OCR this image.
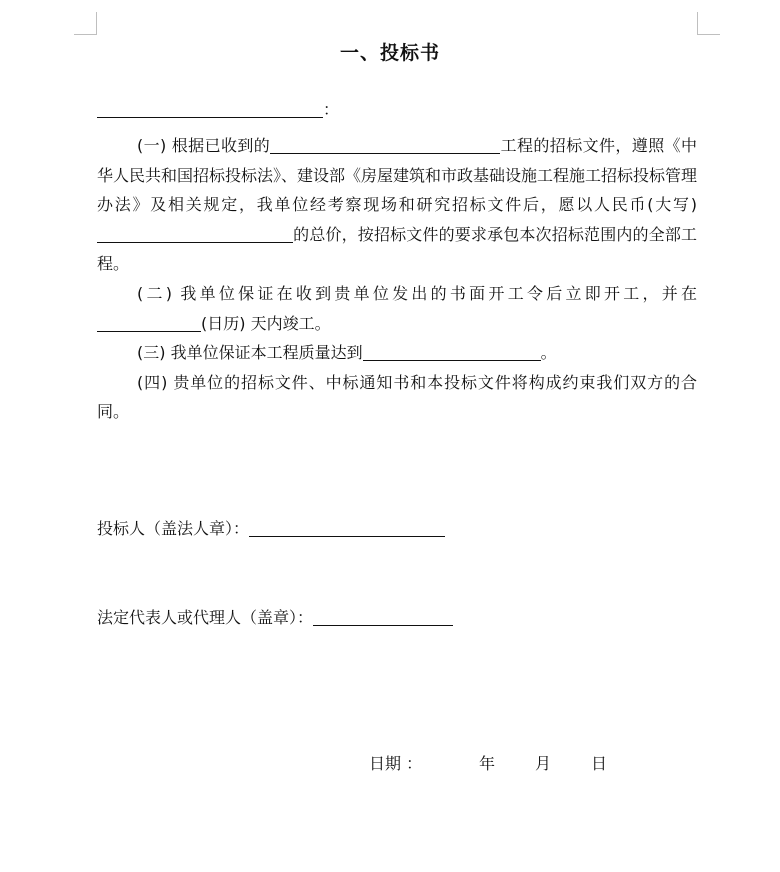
一、投标书
：

(一) 根据已收到的	工程的招标文件，遵照《中华人民共和国招标投标法》、建设部《房屋建筑和市政基础设施工程施工招标投标管理办法》及相关规定，我单位经考察现场和研究招标文件后，愿以人民币(大写)的总价，按招标文件的要求承包本次招标范围内的全部工程。

(二) 我单位保证在收到贵单位发出的书面开工令后立即开工，并在(日历) 天内竣工。

(三) 我单位保证本工程质量达到	。

(四) 贵单位的招标文件、中标通知书和本投标文件将构成约束我们双方的合同。

投标人（盖法人章）：
法定代表人或代理人（盖章）：
日期 ：	年 月 日
